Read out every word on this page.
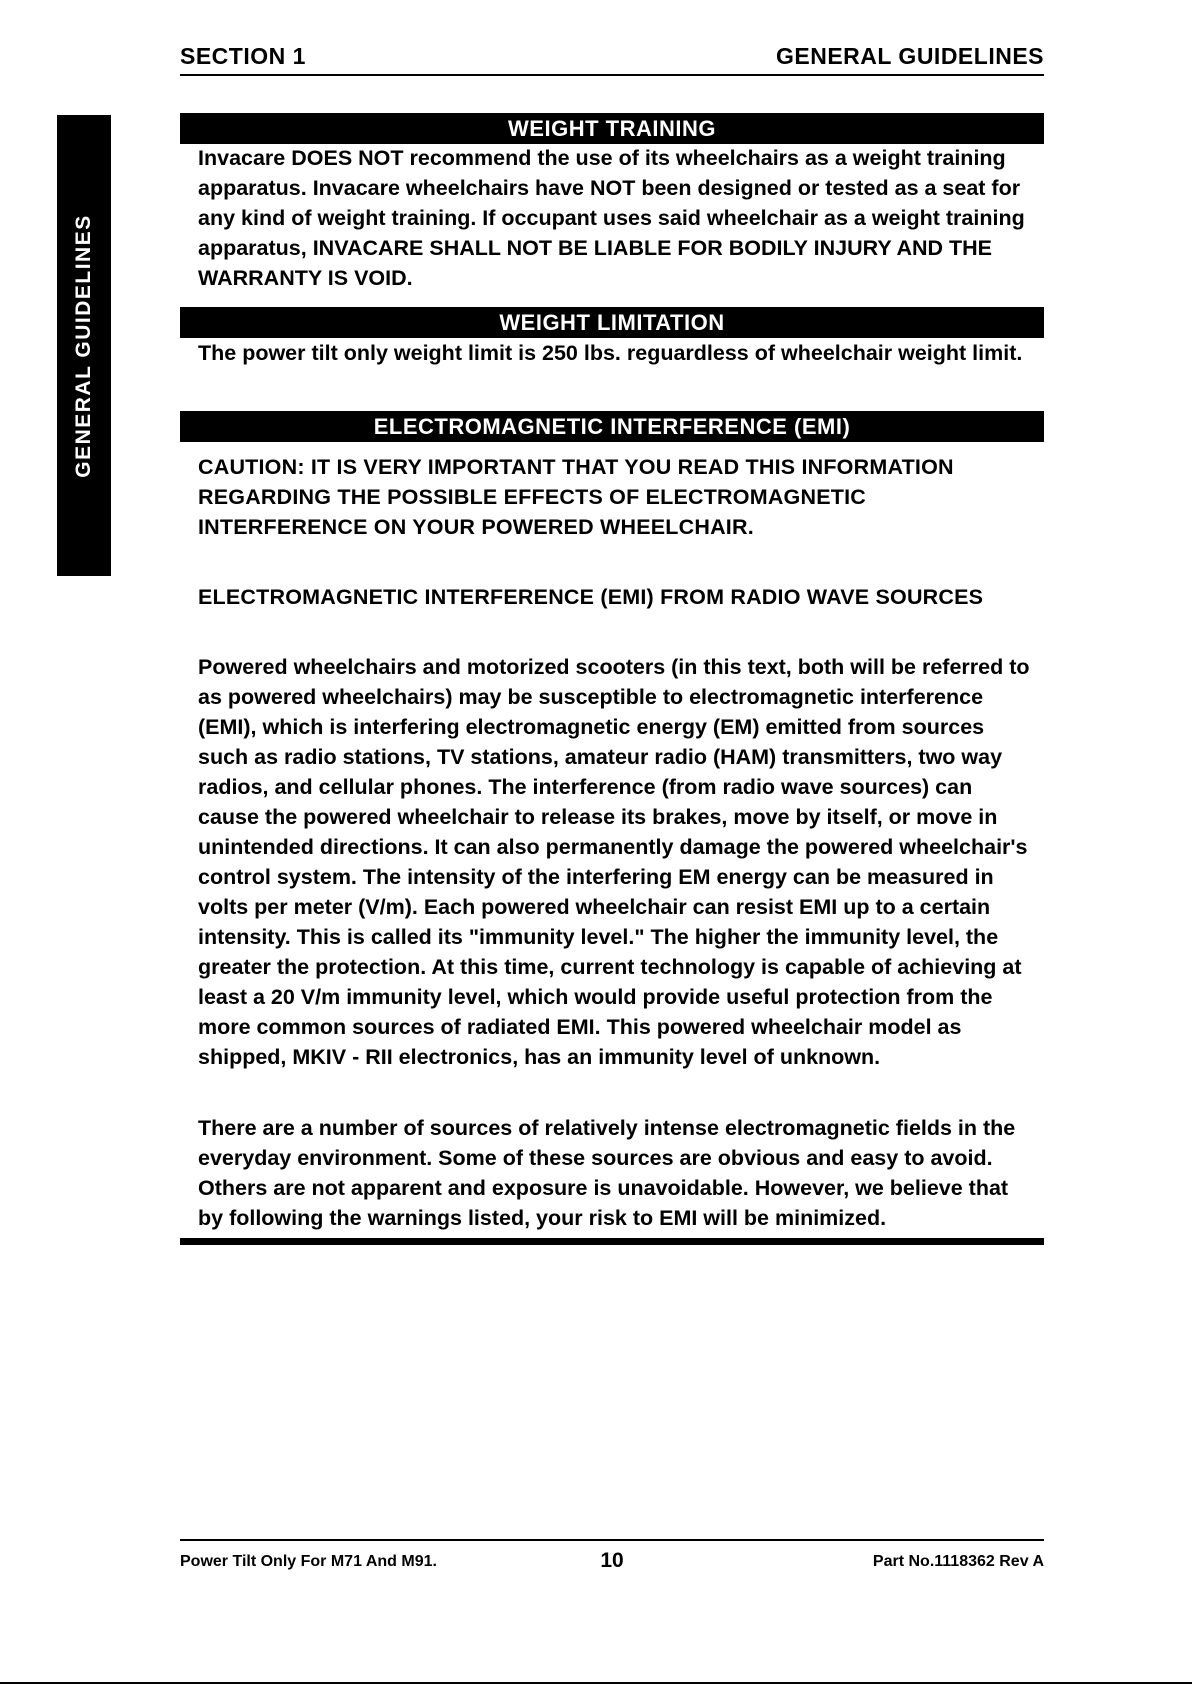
SECTION 1	GENERAL GUIDELINES
GENERAL GUIDELINES
WEIGHT TRAINING

Invacare DOES NOT recommend the use of its wheelchairs as a weight training apparatus. Invacare wheelchairs have NOT been designed or tested as a seat for any kind of weight training. If occupant uses said wheelchair as a weight training apparatus, INVACARE SHALL NOT BE LIABLE FOR BODILY INJURY AND THE WARRANTY IS VOID.

WEIGHT LIMITATION

The power tilt only weight limit is 250 lbs. reguardless of wheelchair weight limit.

ELECTROMAGNETIC INTERFERENCE (EMI)

CAUTION: IT IS VERY IMPORTANT THAT YOU READ THIS INFORMATION REGARDING THE POSSIBLE EFFECTS OF ELECTROMAGNETIC INTERFERENCE ON YOUR POWERED WHEELCHAIR.

ELECTROMAGNETIC INTERFERENCE (EMI) FROM RADIO WAVE SOURCES

Powered wheelchairs and motorized scooters (in this text, both will be referred to as powered wheelchairs) may be susceptible to electromagnetic interference (EMI), which is interfering electromagnetic energy (EM) emitted from sources such as radio stations, TV stations, amateur radio (HAM) transmitters, two way radios, and cellular phones. The interference (from radio wave sources) can cause the powered wheelchair to release its brakes, move by itself, or move in unintended directions. It can also permanently damage the powered wheelchair's control system. The intensity of the interfering EM energy can be measured in volts per meter (V/m). Each powered wheelchair can resist EMI up to a certain intensity. This is called its "immunity level." The higher the immunity level, the greater the protection. At this time, current technology is capable of achieving at least a 20 V/m immunity level, which would provide useful protection from the more common sources of radiated EMI. This powered wheelchair model as shipped, MKIV - RII electronics, has an immunity level of unknown.

There are a number of sources of relatively intense electromagnetic fields in the everyday environment. Some of these sources are obvious and easy to avoid. Others are not apparent and exposure is unavoidable. However, we believe that by following the warnings listed, your risk to EMI will be minimized.

Power Tilt Only For M71 And M91.	10	Part No.1118362 Rev A
